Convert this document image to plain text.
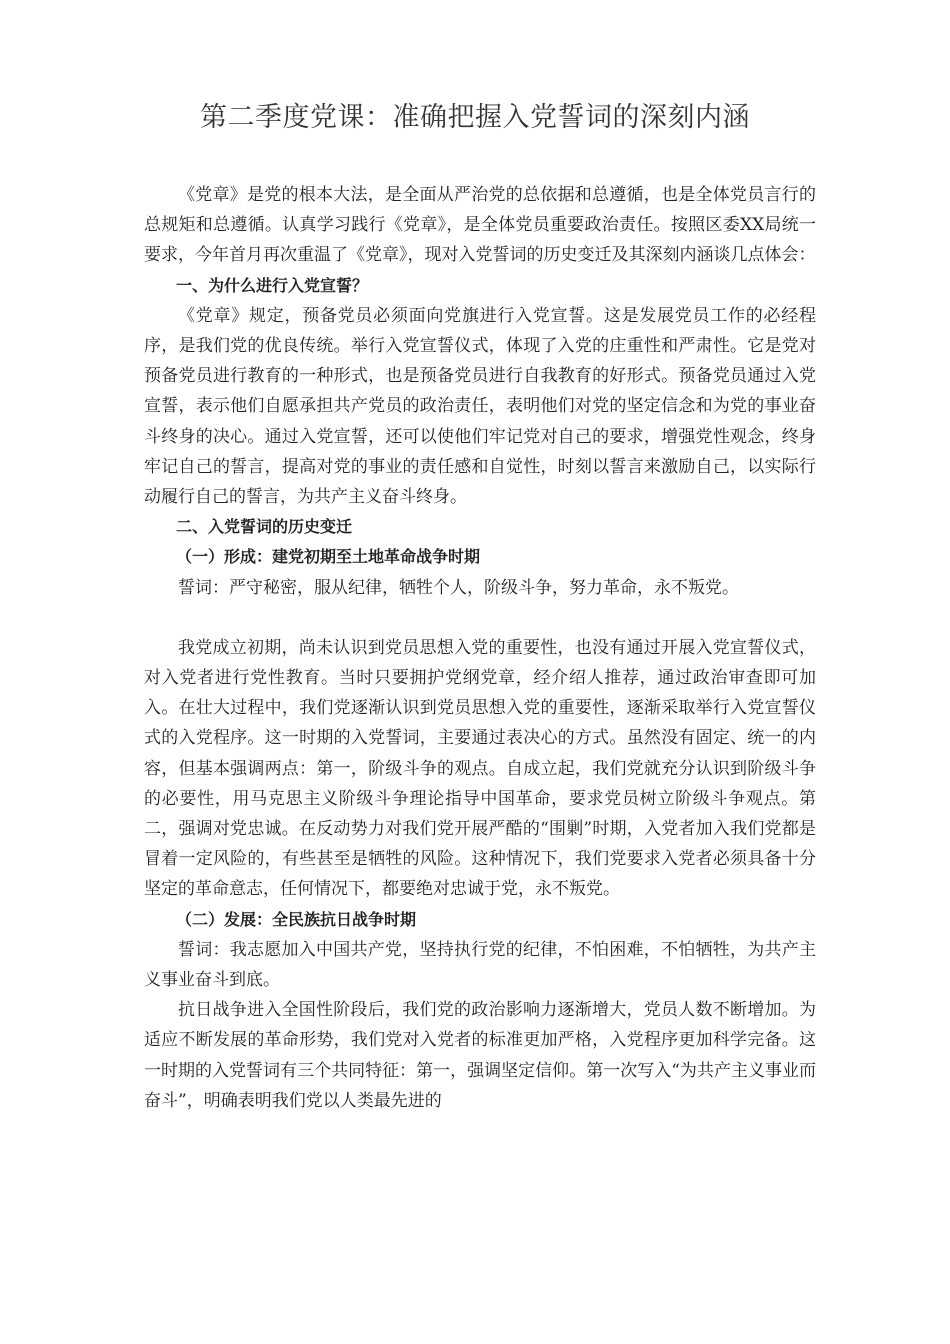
第二季度党课：准确把握入党誓词的深刻内涵

《党章》是党的根本大法，是全面从严治党的总依据和总遵循，也是全体党员言行的总规矩和总遵循。认真学习践行《党章》，是全体党员重要政治责任。按照区委XX局统一要求，今年首月再次重温了《党章》，现对入党誓词的历史变迁及其深刻内涵谈几点体会：

一、为什么进行入党宣誓？

《党章》规定，预备党员必须面向党旗进行入党宣誓。这是发展党员工作的必经程序，是我们党的优良传统。举行入党宣誓仪式，体现了入党的庄重性和严肃性。它是党对预备党员进行教育的一种形式，也是预备党员进行自我教育的好形式。预备党员通过入党宣誓，表示他们自愿承担共产党员的政治责任，表明他们对党的坚定信念和为党的事业奋斗终身的决心。通过入党宣誓，还可以使他们牢记党对自己的要求，增强党性观念，终身牢记自己的誓言，提高对党的事业的责任感和自觉性，时刻以誓言来激励自己，以实际行动履行自己的誓言，为共产主义奋斗终身。

二、入党誓词的历史变迁

（一）形成：建党初期至土地革命战争时期

誓词：严守秘密，服从纪律，牺牲个人，阶级斗争，努力革命，永不叛党。

我党成立初期，尚未认识到党员思想入党的重要性，也没有通过开展入党宣誓仪式，对入党者进行党性教育。当时只要拥护党纲党章，经介绍人推荐，通过政治审查即可加入。在壮大过程中，我们党逐渐认识到党员思想入党的重要性，逐渐采取举行入党宣誓仪式的入党程序。这一时期的入党誓词，主要通过表决心的方式。虽然没有固定、统一的内容，但基本强调两点：第一，阶级斗争的观点。自成立起，我们党就充分认识到阶级斗争的必要性，用马克思主义阶级斗争理论指导中国革命，要求党员树立阶级斗争观点。第二，强调对党忠诚。在反动势力对我们党开展严酷的“围剿”时期，入党者加入我们党都是冒着一定风险的，有些甚至是牺牲的风险。这种情况下，我们党要求入党者必须具备十分坚定的革命意志，任何情况下，都要绝对忠诚于党，永不叛党。

（二）发展：全民族抗日战争时期

誓词：我志愿加入中国共产党，坚持执行党的纪律，不怕困难，不怕牺牲，为共产主义事业奋斗到底。

抗日战争进入全国性阶段后，我们党的政治影响力逐渐增大，党员人数不断增加。为适应不断发展的革命形势，我们党对入党者的标准更加严格，入党程序更加科学完备。这一时期的入党誓词有三个共同特征：第一，强调坚定信仰。第一次写入“为共产主义事业而奋斗”，明确表明我们党以人类最先进的
